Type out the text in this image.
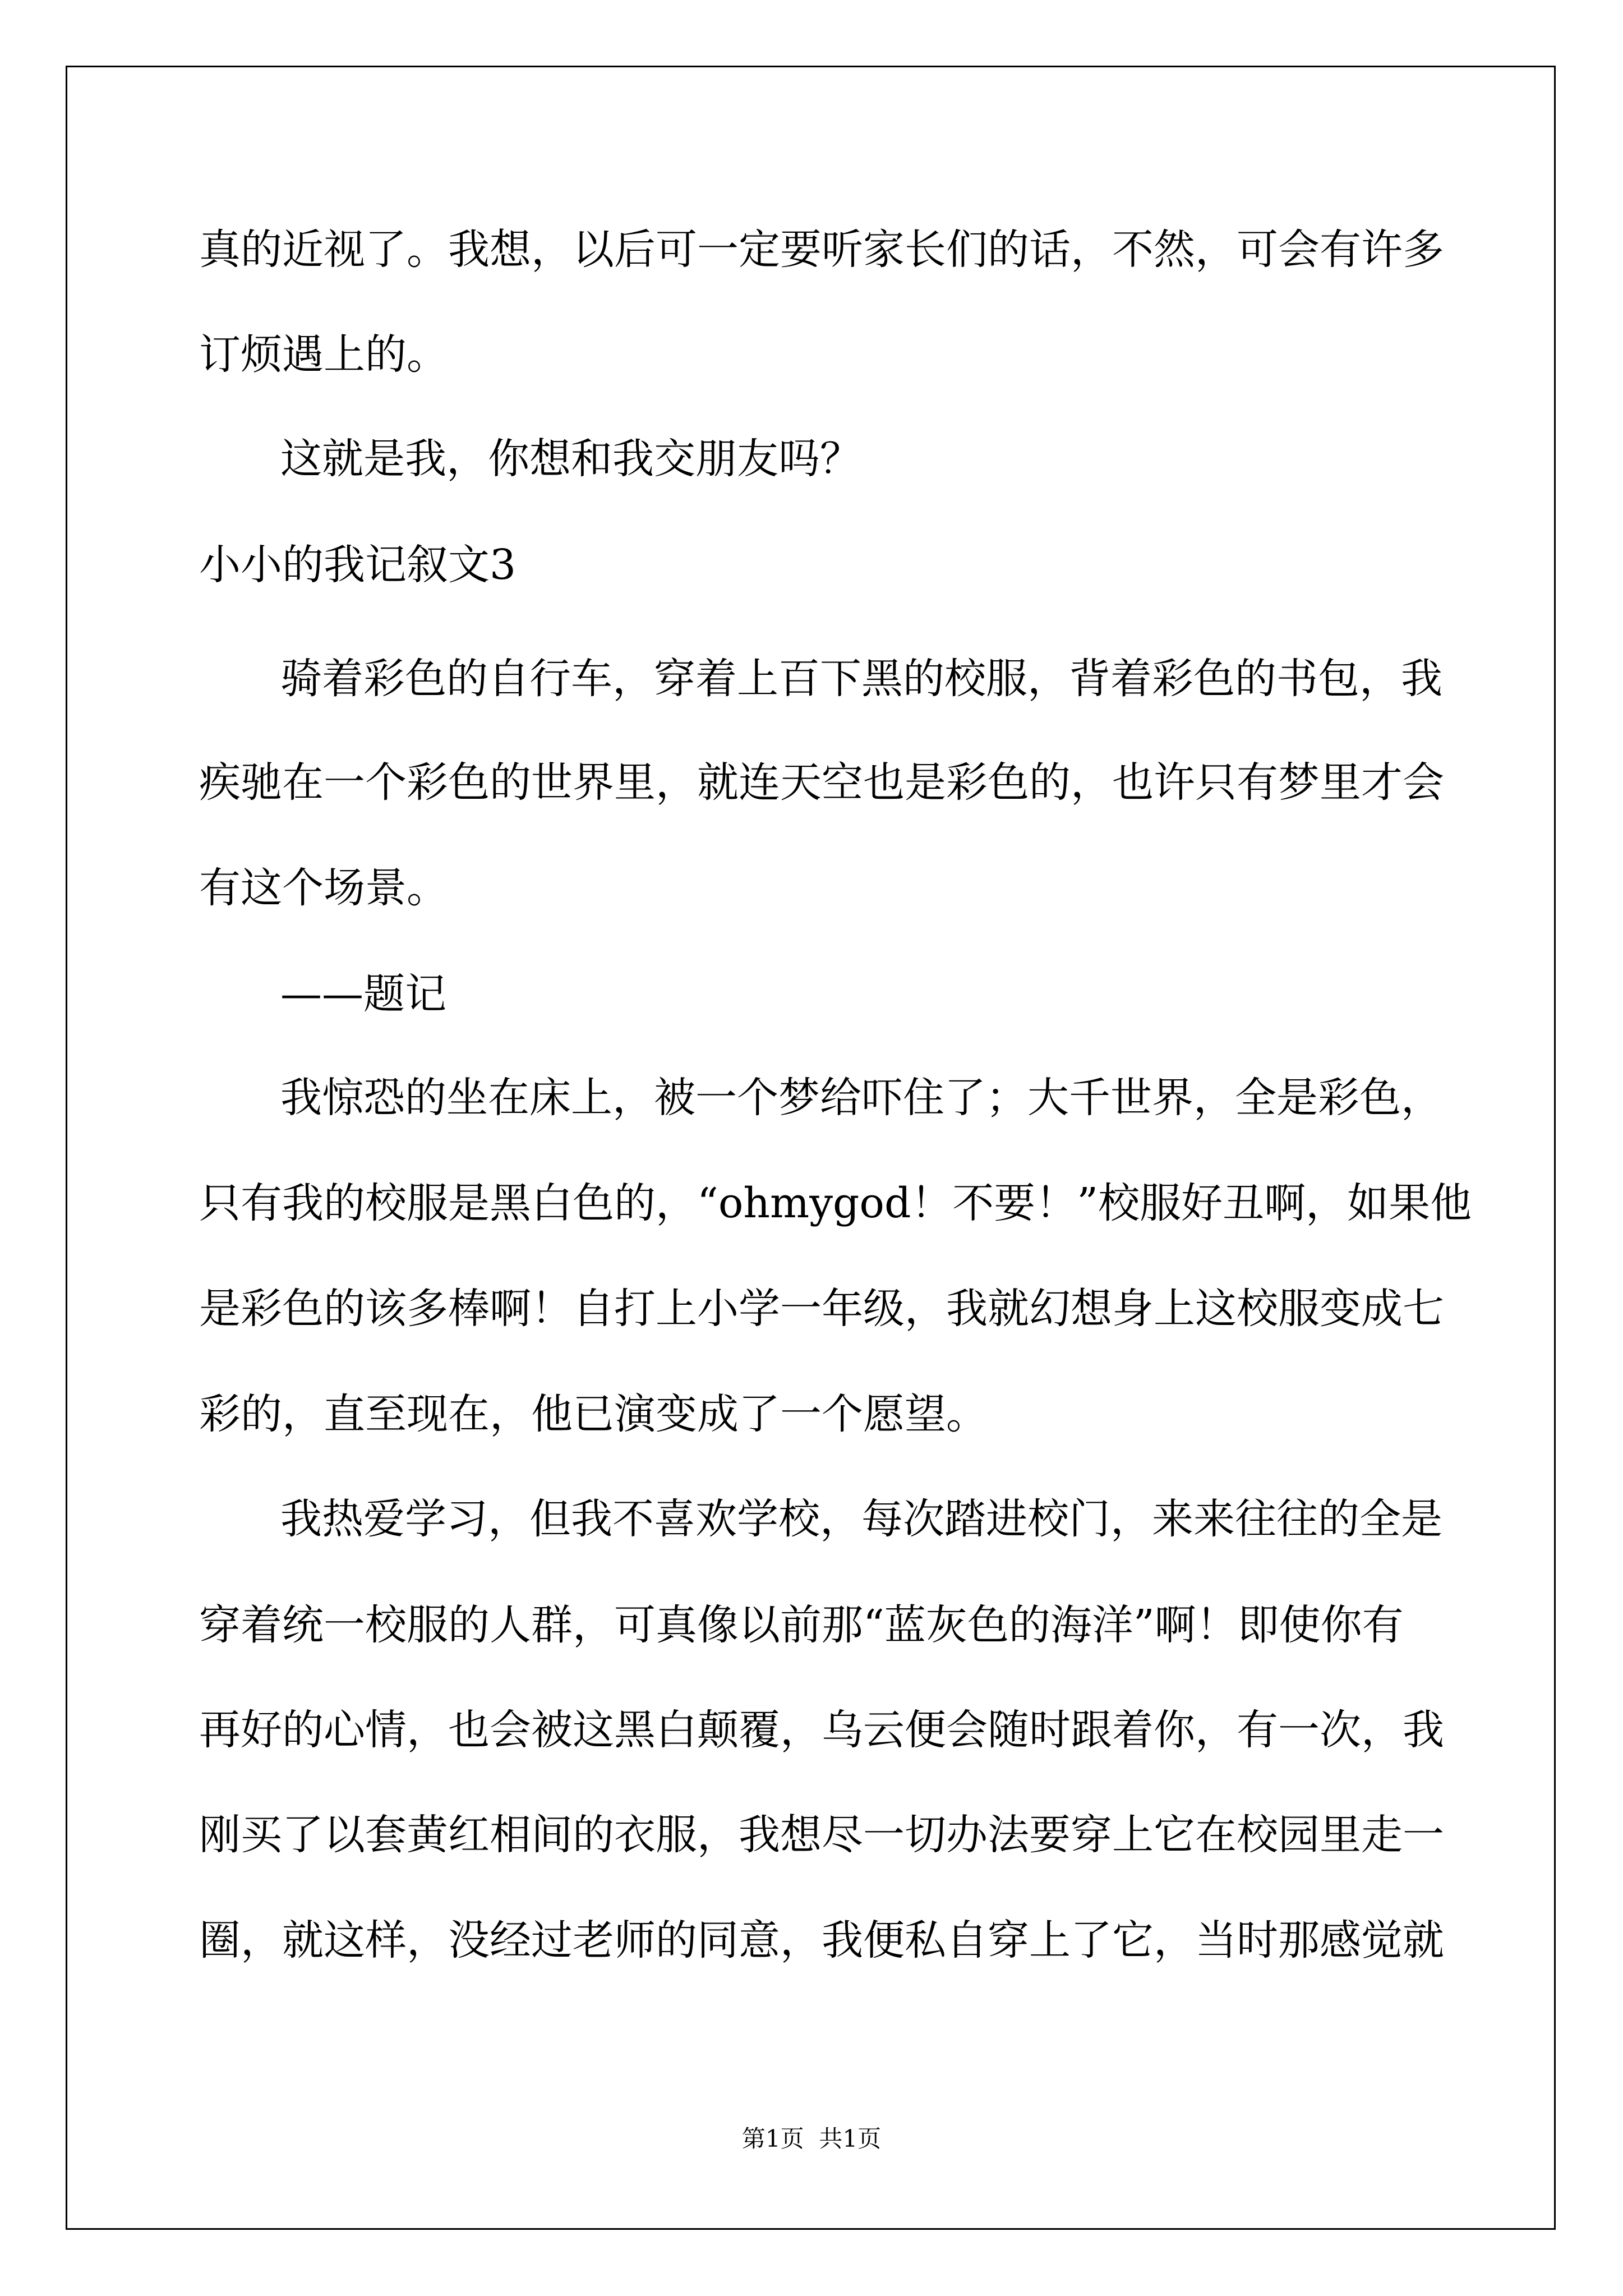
真的近视了。我想，以后可一定要听家长们的话，不然，可会有许多

订烦遇上的。

这就是我，你想和我交朋友吗？

小小的我记叙文3

骑着彩色的自行车，穿着上百下黑的校服，背着彩色的书包，我

疾驰在一个彩色的世界里，就连天空也是彩色的，也许只有梦里才会

有这个场景。

——题记

我惊恐的坐在床上，被一个梦给吓住了；大千世界，全是彩色，

只有我的校服是黑白色的，“ohmygod！不要！”校服好丑啊，如果他

是彩色的该多棒啊！自打上小学一年级，我就幻想身上这校服变成七

彩的，直至现在，他已演变成了一个愿望。

我热爱学习，但我不喜欢学校，每次踏进校门，来来往往的全是

穿着统一校服的人群，可真像以前那“蓝灰色的海洋”啊！即使你有

再好的心情，也会被这黑白颠覆，乌云便会随时跟着你，有一次，我

刚买了以套黄红相间的衣服，我想尽一切办法要穿上它在校园里走一

圈，就这样，没经过老师的同意，我便私自穿上了它，当时那感觉就

第1页  共1页
